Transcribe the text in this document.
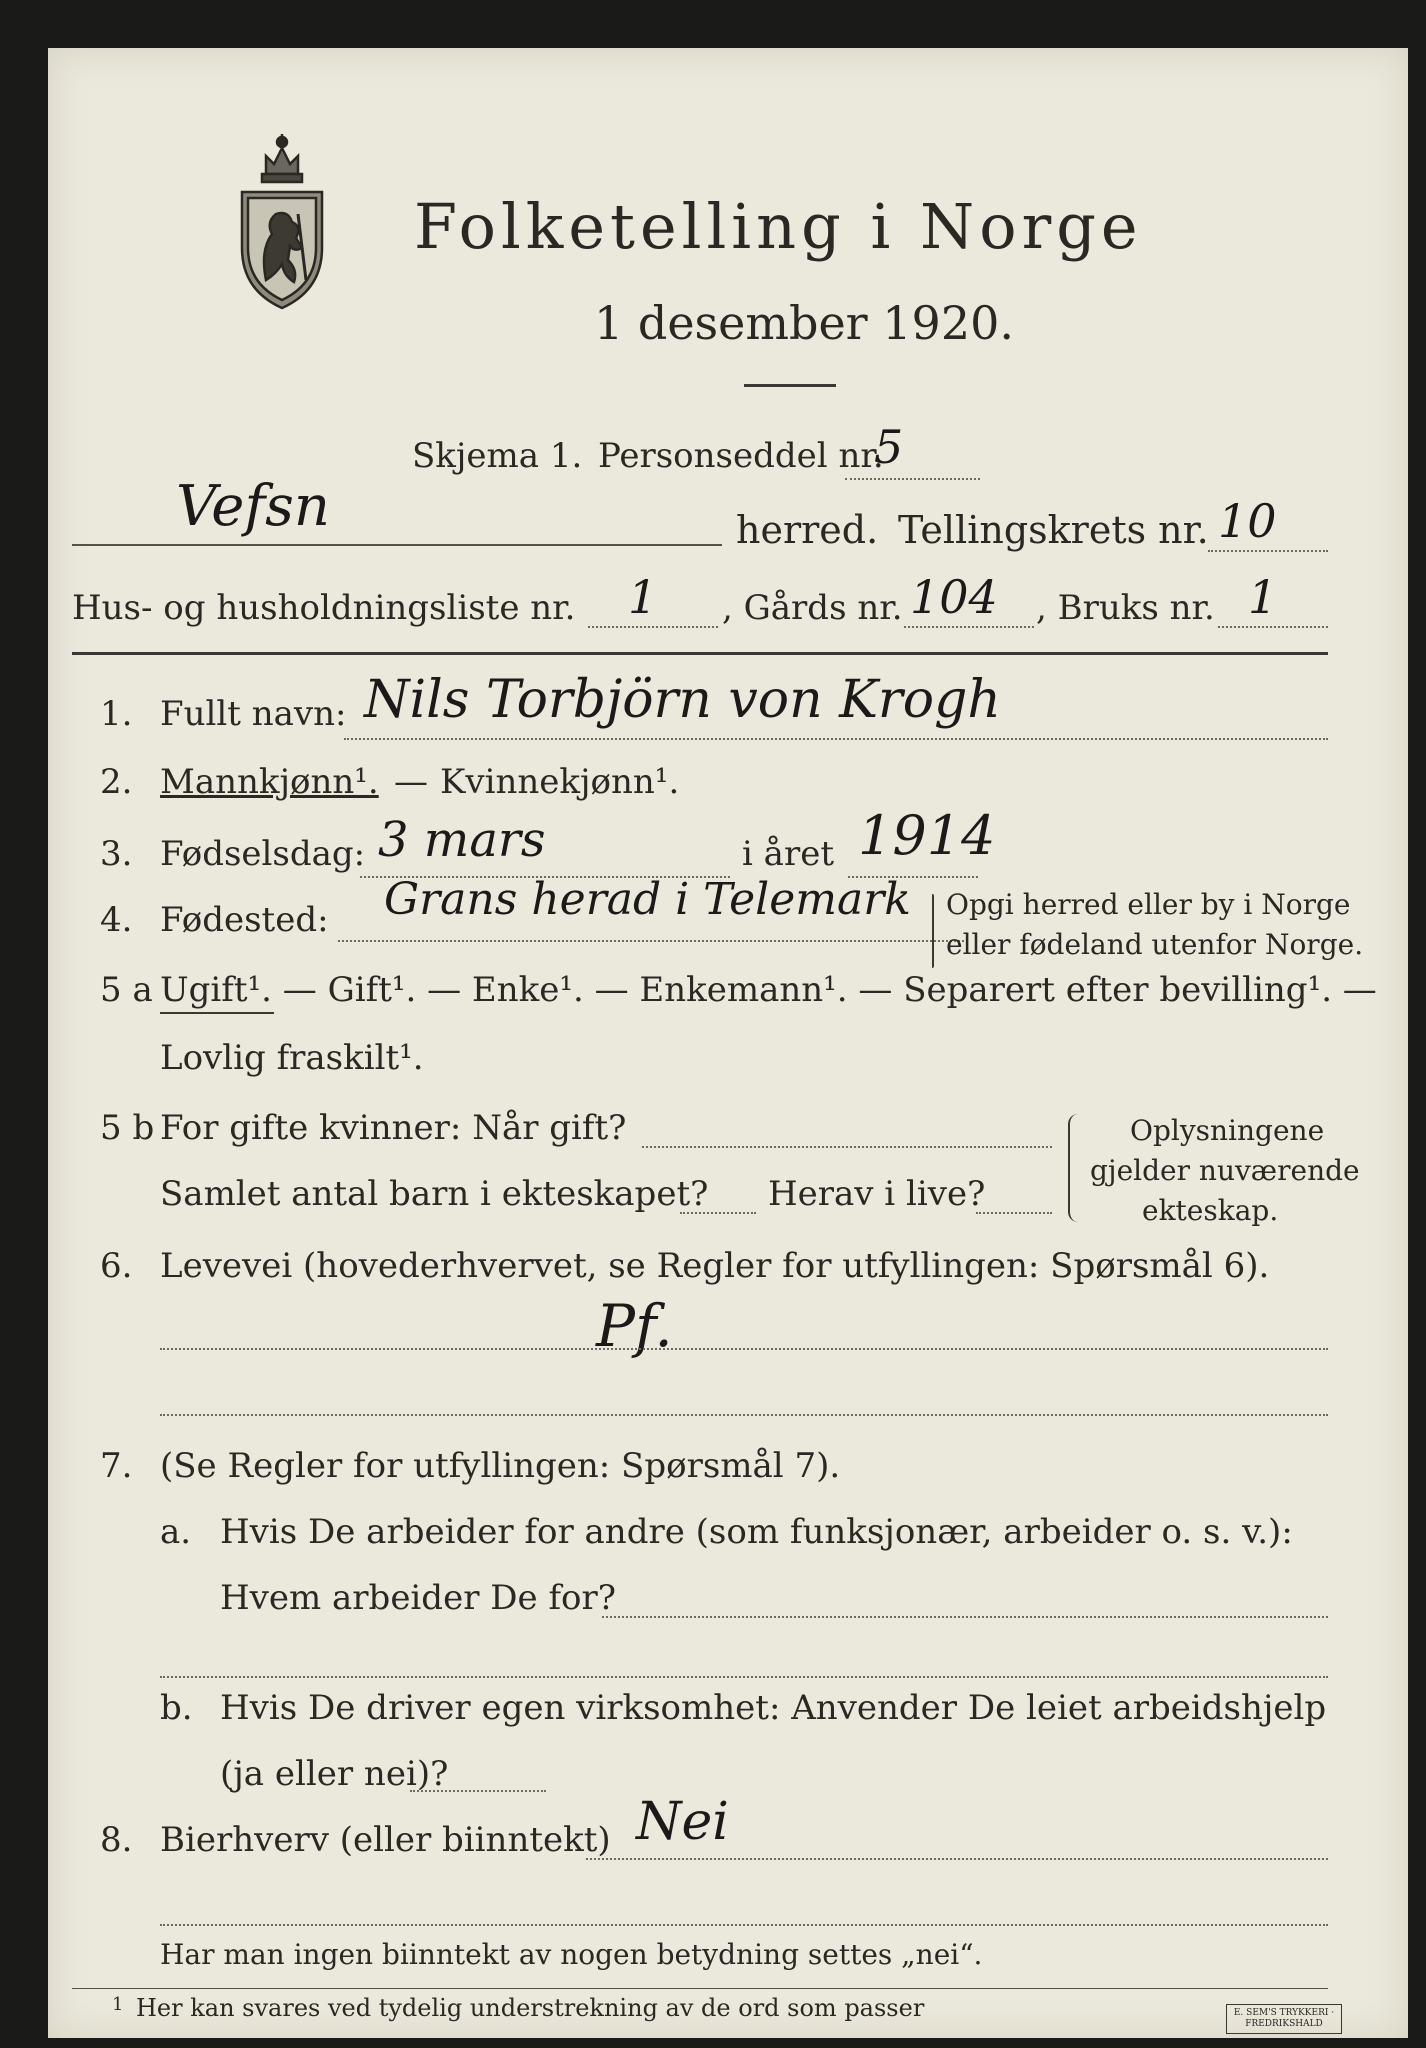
Folketelling i Norge
1 desember 1920.
Skjema 1. Personseddel nr.
5
Vefsn	herred. Tellingskrets nr. 10
Hus- og husholdningsliste nr. 1 , Gårds nr. 104 , Bruks nr. 1
1. Fullt navn: Nils Torbjörn von Krogh
2. Mannkjønn¹. — Kvinnekjønn¹.
3. Fødselsdag: 3 mars	i året 1914
4. Fødested: Grans herad i Telemark Opgi herred eller by i Norge
eller fødeland utenfor Norge.
5 a Ugift¹. — Gift¹. — Enke¹. — Enkemann¹. — Separert efter bevilling¹. —
Lovlig fraskilt¹.
5 b For gifte kvinner: Når gift?
Samlet antal barn i ekteskapet? Herav i live?
Oplysningene
gjelder nuværende
ekteskap.
6. Levevei (hovederhvervet, se Regler for utfyllingen: Spørsmål 6).
Pf.
7. (Se Regler for utfyllingen: Spørsmål 7).
a. Hvis De arbeider for andre (som funksjonær, arbeider o. s. v.):
Hvem arbeider De for?
b. Hvis De driver egen virksomhet: Anvender De leiet arbeidshjelp
(ja eller nei)?
8. Bierhverv (eller biinntekt) Nei
Har man ingen biinntekt av nogen betydning settes „nei“.
1 Her kan svares ved tydelig understrekning av de ord som passer	E. SEM'S TRYKKERI · FREDRIKSHALD
